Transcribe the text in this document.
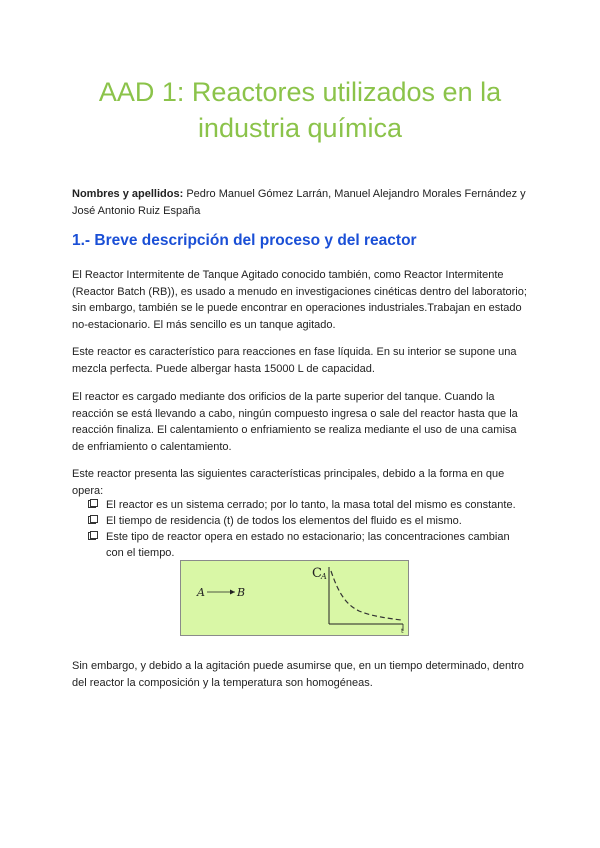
AAD 1: Reactores utilizados en la
industria química

Nombres y apellidos: Pedro Manuel Gómez Larrán, Manuel Alejandro Morales Fernández y José Antonio Ruiz España

1.- Breve descripción del proceso y del reactor

El Reactor Intermitente de Tanque Agitado conocido también, como Reactor Intermitente (Reactor Batch (RB)), es usado a menudo en investigaciones cinéticas dentro del laboratorio; sin embargo, también se le puede encontrar en operaciones industriales.Trabajan en estado no-estacionario. El más sencillo es un tanque agitado.

Este reactor es característico para reacciones en fase líquida. En su interior se supone una mezcla perfecta. Puede albergar hasta 15000 L de capacidad.

El reactor es cargado mediante dos orificios de la parte superior del tanque. Cuando la reacción se está llevando a cabo, ningún compuesto ingresa o sale del reactor hasta que la reacción finaliza. El calentamiento o enfriamiento se realiza mediante el uso de una camisa de enfriamiento o calentamiento.

Este reactor presenta las siguientes características principales, debido a la forma en que opera:

El reactor es un sistema cerrado; por lo tanto, la masa total del mismo es constante.
El tiempo de residencia (t) de todos los elementos del fluido es el mismo.
Este tipo de reactor opera en estado no estacionario; las concentraciones cambian con el tiempo.
A	B
t
C A

Sin embargo, y debido a la agitación puede asumirse que, en un tiempo determinado, dentro del reactor la composición y la temperatura son homogéneas.
